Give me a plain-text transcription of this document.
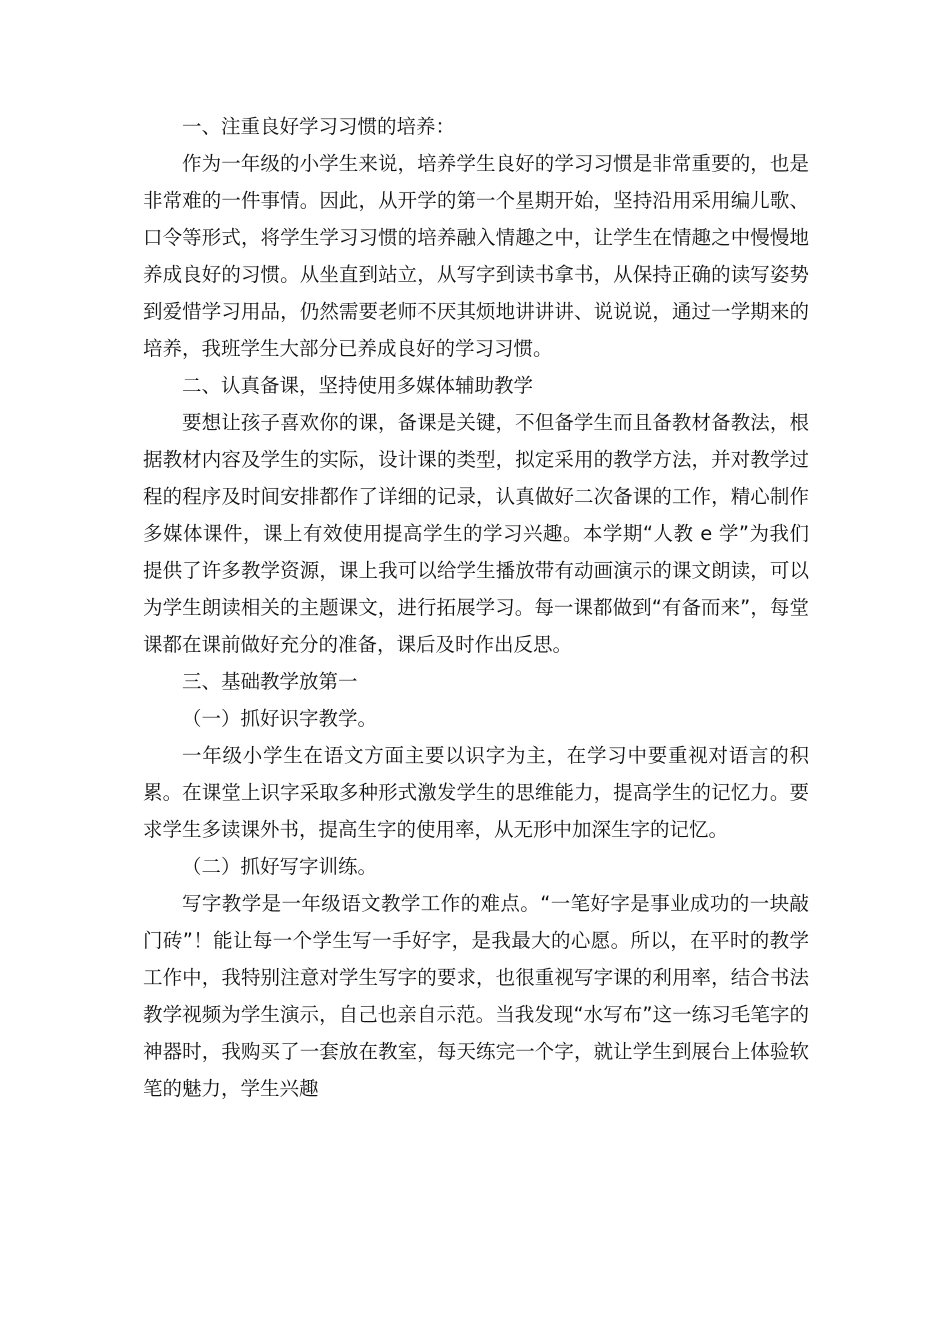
一、注重良好学习习惯的培养：

作为一年级的小学生来说，培养学生良好的学习习惯是非常重要的，也是非常难的一件事情。因此，从开学的第一个星期开始，坚持沿用采用编儿歌、口令等形式，将学生学习习惯的培养融入情趣之中，让学生在情趣之中慢慢地养成良好的习惯。从坐直到站立，从写字到读书拿书，从保持正确的读写姿势到爱惜学习用品，仍然需要老师不厌其烦地讲讲讲、说说说，通过一学期来的培养，我班学生大部分已养成良好的学习习惯。

二、认真备课，坚持使用多媒体辅助教学

要想让孩子喜欢你的课，备课是关键，不但备学生而且备教材备教法，根据教材内容及学生的实际，设计课的类型，拟定采用的教学方法，并对教学过程的程序及时间安排都作了详细的记录，认真做好二次备课的工作，精心制作多媒体课件，课上有效使用提高学生的学习兴趣。本学期“人教 e 学”为我们提供了许多教学资源，课上我可以给学生播放带有动画演示的课文朗读，可以为学生朗读相关的主题课文，进行拓展学习。每一课都做到“有备而来”，每堂课都在课前做好充分的准备，课后及时作出反思。

三、基础教学放第一

（一）抓好识字教学。

一年级小学生在语文方面主要以识字为主，在学习中要重视对语言的积累。在课堂上识字采取多种形式激发学生的思维能力，提高学生的记忆力。要求学生多读课外书，提高生字的使用率，从无形中加深生字的记忆。

（二）抓好写字训练。

写字教学是一年级语文教学工作的难点。“一笔好字是事业成功的一块敲门砖”！能让每一个学生写一手好字，是我最大的心愿。所以，在平时的教学工作中，我特别注意对学生写字的要求，也很重视写字课的利用率，结合书法教学视频为学生演示，自己也亲自示范。当我发现“水写布”这一练习毛笔字的神器时，我购买了一套放在教室，每天练完一个字，就让学生到展台上体验软笔的魅力，学生兴趣
